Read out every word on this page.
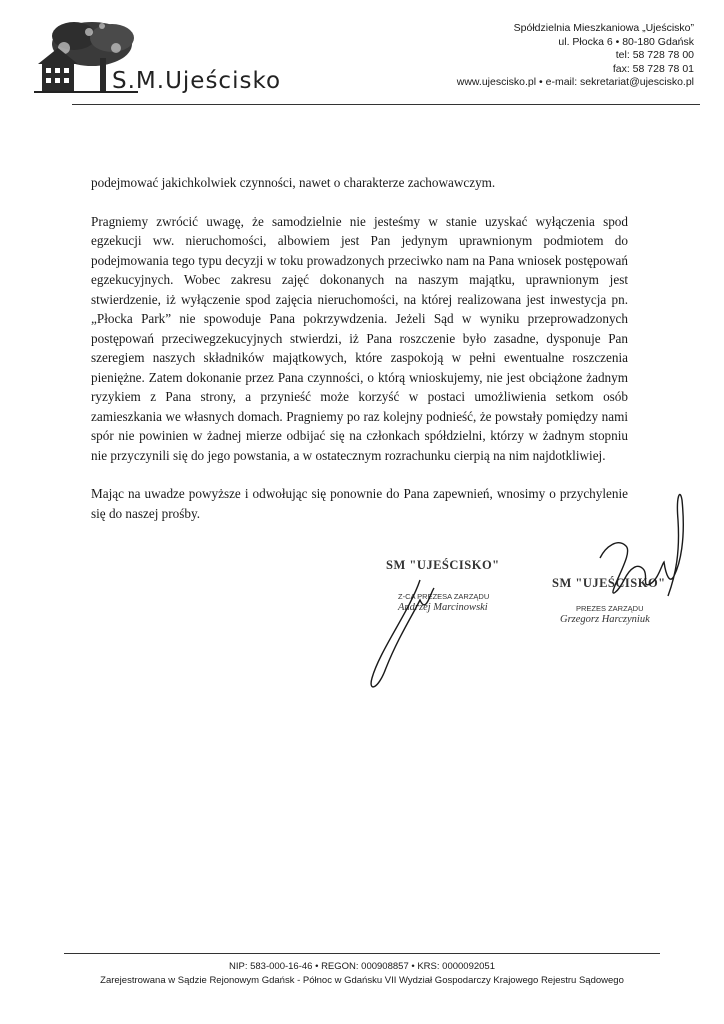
S.M.Ujeścisko
Spółdzielnia Mieszkaniowa „Ujeścisko”
ul. Płocka 6 • 80-180 Gdańsk
tel: 58 728 78 00
fax: 58 728 78 01
www.ujescisko.pl • e-mail: sekretariat@ujescisko.pl

podejmować jakichkolwiek czynności, nawet o charakterze zachowawczym.

Pragniemy zwrócić uwagę, że samodzielnie nie jesteśmy w stanie uzyskać wyłączenia spod egzekucji ww. nieruchomości, albowiem jest Pan jedynym uprawnionym podmiotem do podejmowania tego typu decyzji w toku prowadzonych przeciwko nam na Pana wniosek postępowań egzekucyjnych. Wobec zakresu zajęć dokonanych na naszym majątku, uprawnionym jest stwierdzenie, iż wyłączenie spod zajęcia nieruchomości, na której realizowana jest inwestycja pn. „Płocka Park” nie spowoduje Pana pokrzywdzenia. Jeżeli Sąd w wyniku przeprowadzonych postępowań przeciwegzekucyjnych stwierdzi, iż Pana roszczenie było zasadne, dysponuje Pan szeregiem naszych składników majątkowych, które zaspokoją w pełni ewentualne roszczenia pieniężne. Zatem dokonanie przez Pana czynności, o którą wnioskujemy, nie jest obciążone żadnym ryzykiem z Pana strony, a przynieść może korzyść w postaci umożliwienia setkom osób zamieszkania we własnych domach. Pragniemy po raz kolejny podnieść, że powstały pomiędzy nami spór nie powinien w żadnej mierze odbijać się na członkach spółdzielni, którzy w żadnym stopniu nie przyczynili się do jego powstania, a w ostatecznym rozrachunku cierpią na nim najdotkliwiej.

Mając na uwadze powyższe i odwołując się ponownie do Pana zapewnień, wnosimy o przychylenie się do naszej prośby.

SM "UJEŚCISKO"
Z-CA PREZESA ZARZĄDU
Andrzej Marcinowski
SM "UJEŚCISKO"
PREZES ZARZĄDU
Grzegorz Harczyniuk
NIP: 583-000-16-46 • REGON: 000908857 • KRS: 0000092051
Zarejestrowana w Sądzie Rejonowym Gdańsk - Północ w Gdańsku VII Wydział Gospodarczy Krajowego Rejestru Sądowego
